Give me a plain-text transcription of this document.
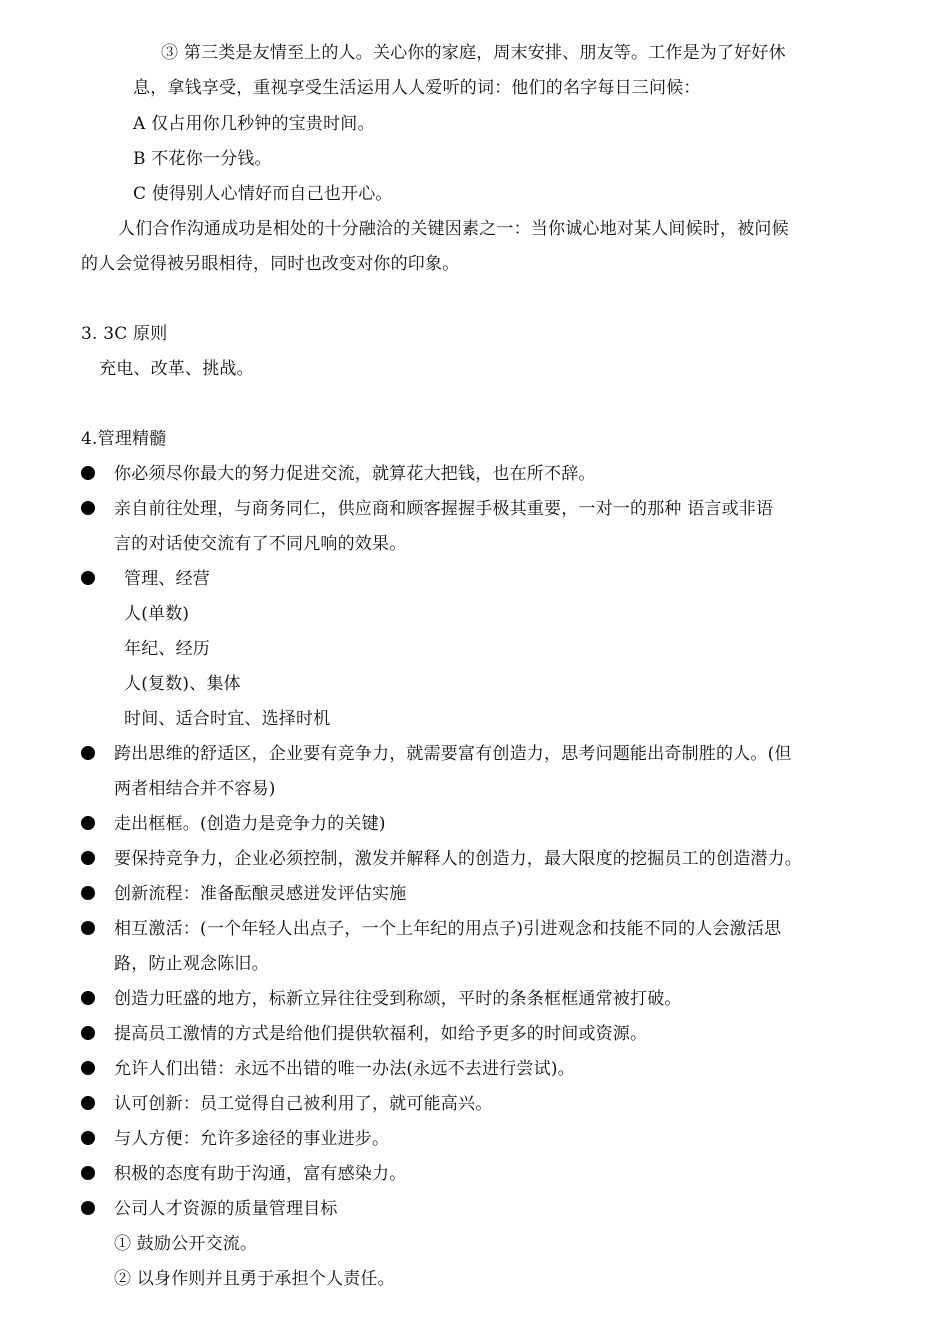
③ 第三类是友情至上的人。关心你的家庭，周末安排、朋友等。工作是为了好好休
息，拿钱享受，重视享受生活运用人人爱听的词：他们的名字每日三问候：
A 仅占用你几秒钟的宝贵时间。
B 不花你一分钱。
C 使得别人心情好而自己也开心。
人们合作沟通成功是相处的十分融洽的关键因素之一：当你诚心地对某人间候时，被问候
的人会觉得被另眼相待，同时也改变对你的印象。
3. 3C 原则
充电、改革、挑战。
4.管理精髓
你必须尽你最大的努力促进交流，就算花大把钱，也在所不辞。
亲自前往处理，与商务同仁，供应商和顾客握握手极其重要，一对一的那种 语言或非语
言的对话使交流有了不同凡响的效果。
管理、经营
人(单数)
年纪、经历
人(复数)、集体
时间、适合时宜、选择时机
跨出思维的舒适区，企业要有竞争力，就需要富有创造力，思考问题能出奇制胜的人。(但
两者相结合并不容易)
走出框框。(创造力是竞争力的关键)
要保持竞争力，企业必须控制，激发并解释人的创造力，最大限度的挖掘员工的创造潜力。
创新流程：准备酝酿灵感迸发评估实施
相互激活：(一个年轻人出点子，一个上年纪的用点子)引进观念和技能不同的人会激活思
路，防止观念陈旧。
创造力旺盛的地方，标新立异往往受到称颂，平时的条条框框通常被打破。
提高员工激情的方式是给他们提供软福利，如给予更多的时间或资源。
允许人们出错：永远不出错的唯一办法(永远不去进行尝试)。
认可创新：员工觉得自己被利用了，就可能高兴。
与人方便：允许多途径的事业进步。
积极的态度有助于沟通，富有感染力。
公司人才资源的质量管理目标
① 鼓励公开交流。
② 以身作则并且勇于承担个人责任。
